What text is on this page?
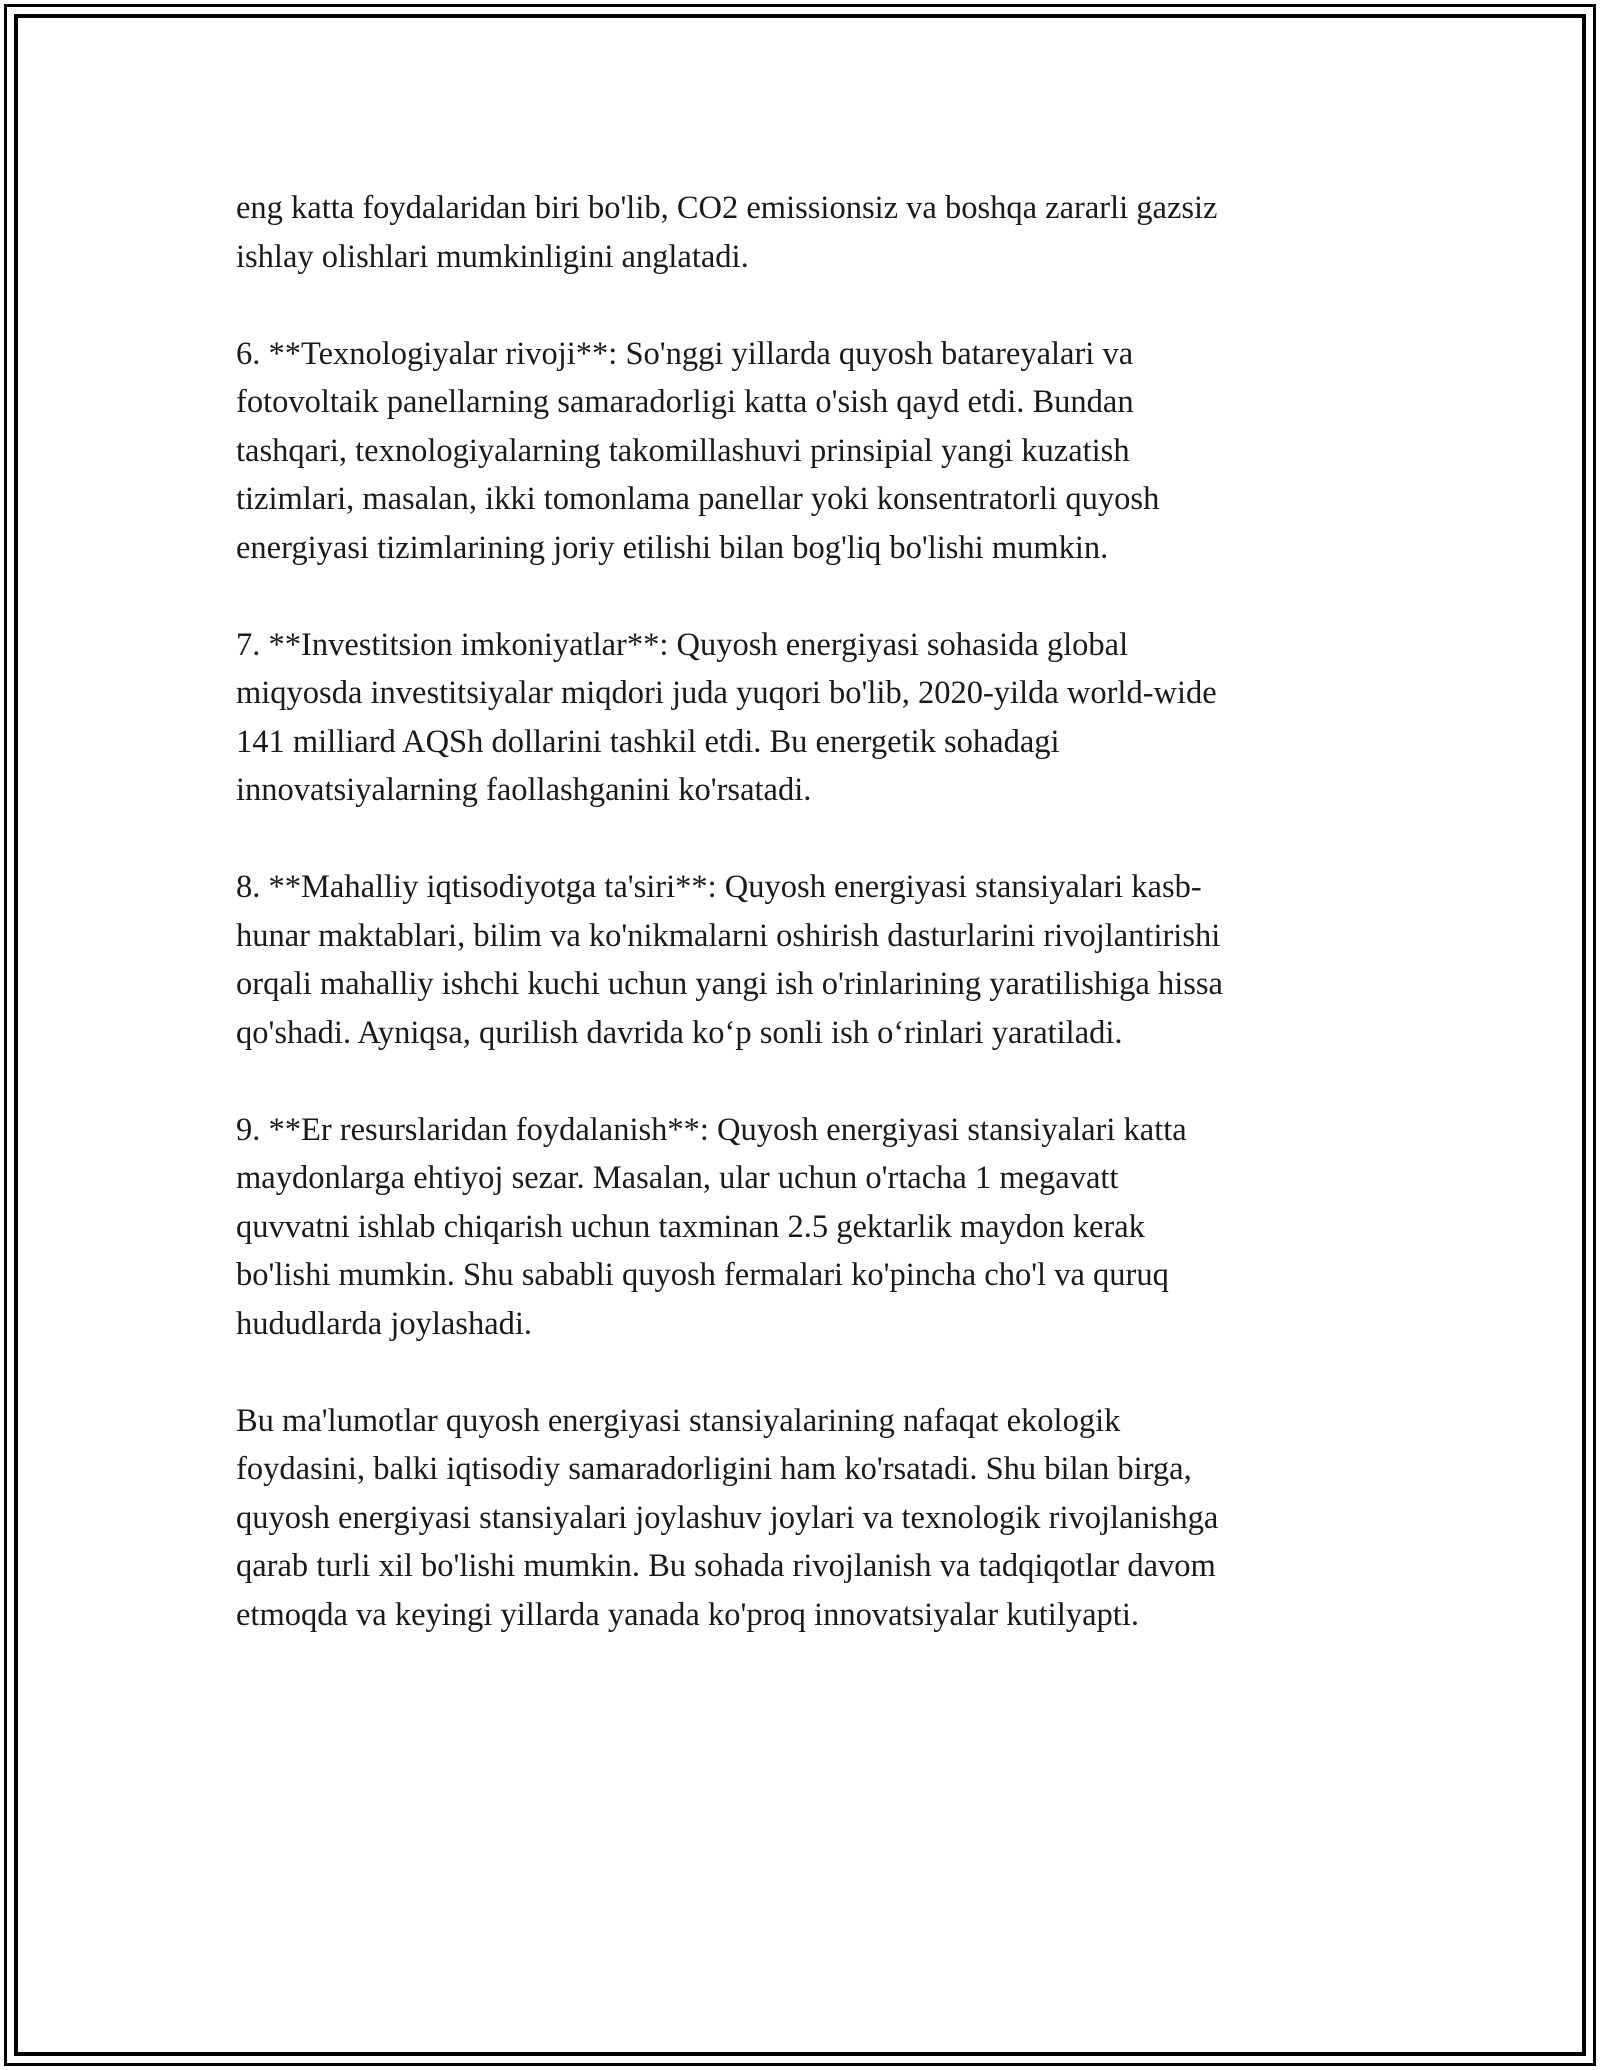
eng katta foydalaridan biri bo'lib, CO2 emissionsiz va boshqa zararli gazsiz
ishlay olishlari mumkinligini anglatadi.

6. **Texnologiyalar rivoji**: So'nggi yillarda quyosh batareyalari va
fotovoltaik panellarning samaradorligi katta o'sish qayd etdi. Bundan
tashqari, texnologiyalarning takomillashuvi prinsipial yangi kuzatish
tizimlari, masalan, ikki tomonlama panellar yoki konsentratorli quyosh
energiyasi tizimlarining joriy etilishi bilan bog'liq bo'lishi mumkin.

7. **Investitsion imkoniyatlar**: Quyosh energiyasi sohasida global
miqyosda investitsiyalar miqdori juda yuqori bo'lib, 2020-yilda world-wide
141 milliard AQSh dollarini tashkil etdi. Bu energetik sohadagi
innovatsiyalarning faollashganini ko'rsatadi.

8. **Mahalliy iqtisodiyotga ta'siri**: Quyosh energiyasi stansiyalari kasb-
hunar maktablari, bilim va ko'nikmalarni oshirish dasturlarini rivojlantirishi
orqali mahalliy ishchi kuchi uchun yangi ish o'rinlarining yaratilishiga hissa
qo'shadi. Ayniqsa, qurilish davrida ko‘p sonli ish o‘rinlari yaratiladi.

9. **Er resurslaridan foydalanish**: Quyosh energiyasi stansiyalari katta
maydonlarga ehtiyoj sezar. Masalan, ular uchun o'rtacha 1 megavatt
quvvatni ishlab chiqarish uchun taxminan 2.5 gektarlik maydon kerak
bo'lishi mumkin. Shu sababli quyosh fermalari ko'pincha cho'l va quruq
hududlarda joylashadi.

Bu ma'lumotlar quyosh energiyasi stansiyalarining nafaqat ekologik
foydasini, balki iqtisodiy samaradorligini ham ko'rsatadi. Shu bilan birga,
quyosh energiyasi stansiyalari joylashuv joylari va texnologik rivojlanishga
qarab turli xil bo'lishi mumkin. Bu sohada rivojlanish va tadqiqotlar davom
etmoqda va keyingi yillarda yanada ko'proq innovatsiyalar kutilyapti.
